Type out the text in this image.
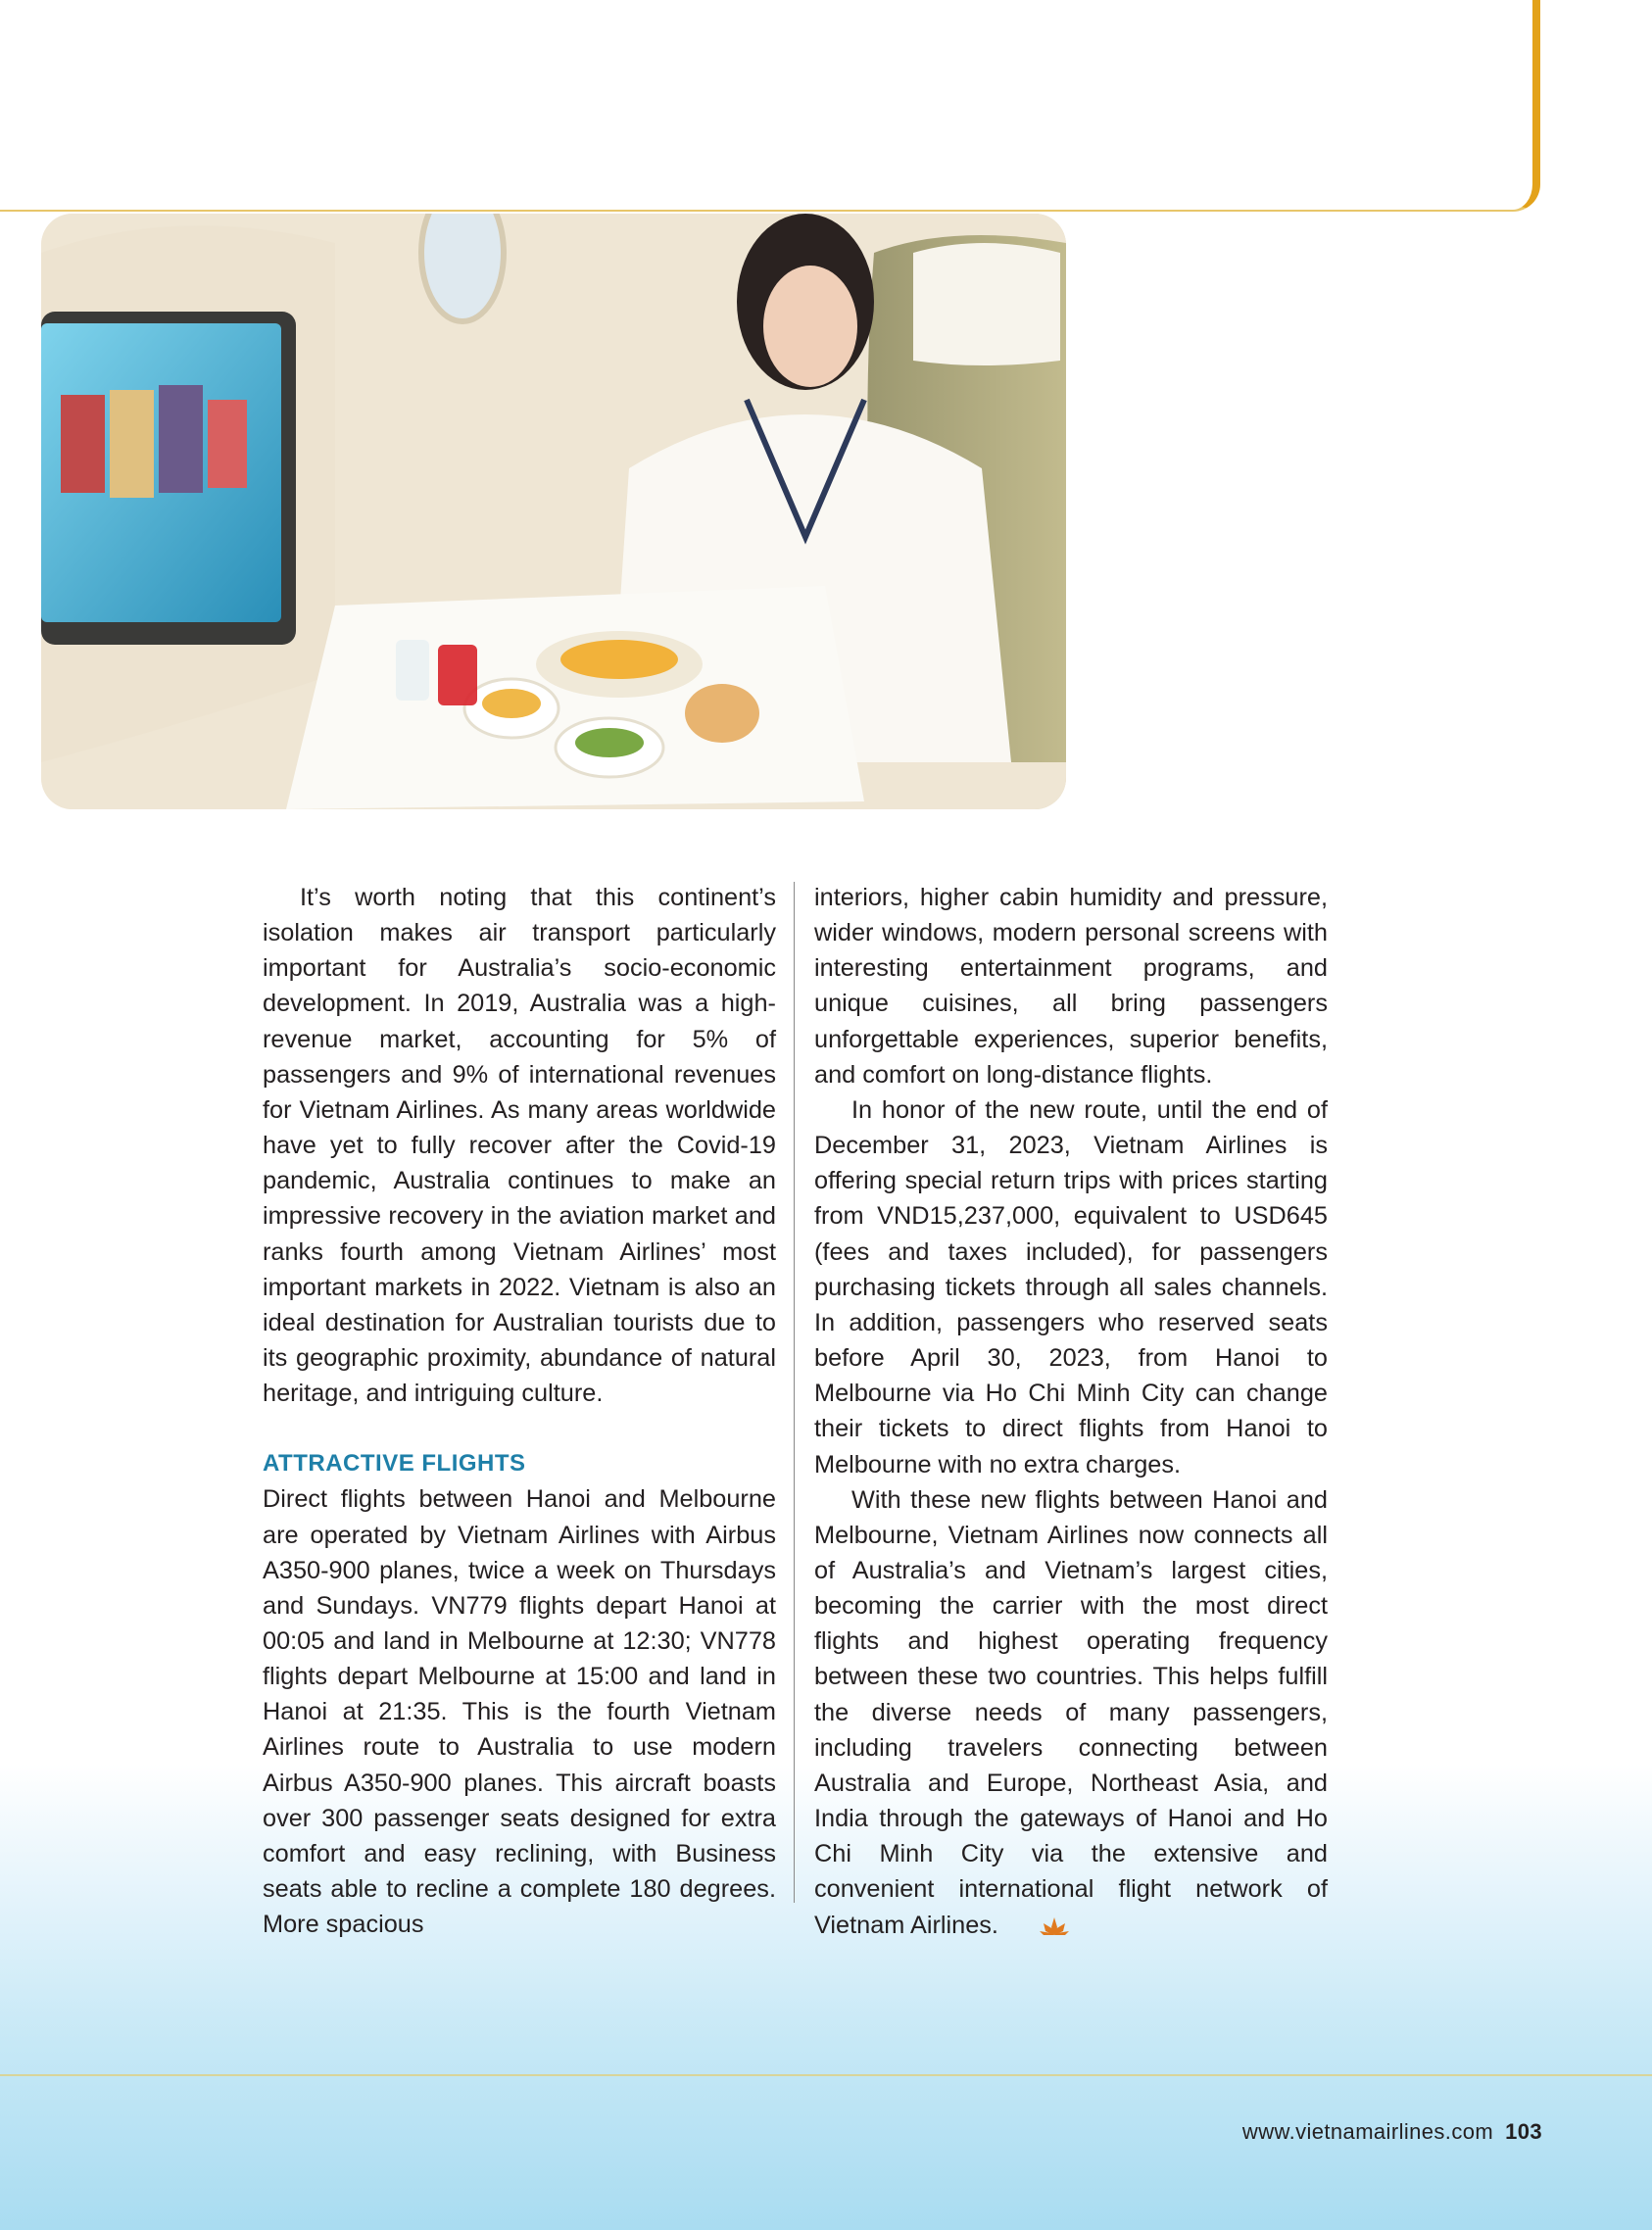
It’s worth noting that this continent’s isolation makes air transport particularly important for Australia’s socio-economic development. In 2019, Australia was a high-revenue market, accounting for 5% of passengers and 9% of international revenues for Vietnam Airlines. As many areas worldwide have yet to fully recover after the Covid-19 pandemic, Australia continues to make an impressive recovery in the aviation market and ranks fourth among Vietnam Airlines’ most important markets in 2022. Vietnam is also an ideal destination for Australian tourists due to its geographic proximity, abundance of natural heritage, and intriguing culture.

ATTRACTIVE FLIGHTS

Direct flights between Hanoi and Melbourne are operated by Vietnam Airlines with Airbus A350-900 planes, twice a week on Thursdays and Sundays. VN779 flights depart Hanoi at 00:05 and land in Melbourne at 12:30; VN778 flights depart Melbourne at 15:00 and land in Hanoi at 21:35. This is the fourth Vietnam Airlines route to Australia to use modern Airbus A350-900 planes. This aircraft boasts over 300 passenger seats designed for extra comfort and easy reclining, with Business seats able to recline a complete 180 degrees. More spacious

interiors, higher cabin humidity and pressure, wider windows, modern personal screens with interesting entertainment programs, and unique cuisines, all bring passengers unforgettable experiences, superior benefits, and comfort on long-distance flights.

In honor of the new route, until the end of December 31, 2023, Vietnam Airlines is offering special return trips with prices starting from VND15,237,000, equivalent to USD645 (fees and taxes included), for passengers purchasing tickets through all sales channels. In addition, passengers who reserved seats before April 30, 2023, from Hanoi to Melbourne via Ho Chi Minh City can change their tickets to direct flights from Hanoi to Melbourne with no extra charges.

With these new flights between Hanoi and Melbourne, Vietnam Airlines now connects all of Australia’s and Vietnam’s largest cities, becoming the carrier with the most direct flights and highest operating frequency between these two countries. This helps fulfill the diverse needs of many passengers, including travelers connecting between Australia and Europe, Northeast Asia, and India through the gateways of Hanoi and Ho Chi Minh City via the extensive and convenient international flight network of Vietnam Airlines.

www.vietnamairlines.com 103
